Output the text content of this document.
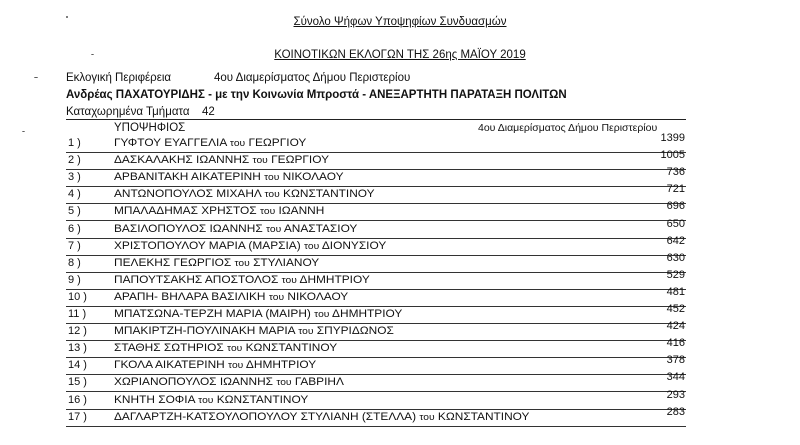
Σύνολο Ψήφων Υποψηφίων Συνδυασμών
ΚΟΙΝΟΤΙΚΩΝ ΕΚΛΟΓΩΝ ΤΗΣ 26ης ΜΑΪΟΥ 2019
Εκλογική Περιφέρεια	4ου Διαμερίσματος Δήμου Περιστερίου
Ανδρέας ΠΑΧΑΤΟΥΡΙΔΗΣ - με την Κοινωνία Μπροστά - ΑΝΕΞΑΡΤΗΤΗ ΠΑΡΑΤΑΞΗ ΠΟΛΙΤΩΝ
Καταχωρημένα Τμήματα 42
ΥΠΟΨΗΦΙΟΣ	4ου Διαμερίσματος Δήμου Περιστερίου
1 )	ΓΥΦΤΟΥ ΕΥΑΓΓΕΛΙΑ του ΓΕΩΡΓΙΟΥ	1399
2 )	ΔΑΣΚΑΛΑΚΗΣ ΙΩΑΝΝΗΣ του ΓΕΩΡΓΙΟΥ	1005
3 )	ΑΡΒΑΝΙΤΑΚΗ ΑΙΚΑΤΕΡΙΝΗ του ΝΙΚΟΛΑΟΥ	736
4 )	ΑΝΤΩΝΟΠΟΥΛΟΣ ΜΙΧΑΗΛ του ΚΩΝΣΤΑΝΤΙΝΟΥ	721
5 )	ΜΠΑΛΑΔΗΜΑΣ ΧΡΗΣΤΟΣ του ΙΩΑΝΝΗ	696
6 )	ΒΑΣΙΛΟΠΟΥΛΟΣ ΙΩΑΝΝΗΣ του ΑΝΑΣΤΑΣΙΟΥ	650
7 )	ΧΡΙΣΤΟΠΟΥΛΟΥ ΜΑΡΙΑ (ΜΑΡΣΙΑ) του ΔΙΟΝΥΣΙΟΥ	642
8 )	ΠΕΛΕΚΗΣ ΓΕΩΡΓΙΟΣ του ΣΤΥΛΙΑΝΟΥ	630
9 )	ΠΑΠΟΥΤΣΑΚΗΣ ΑΠΟΣΤΟΛΟΣ του ΔΗΜΗΤΡΙΟΥ	529
10 ) ΑΡΑΠΗ- ΒΗΛΑΡΑ ΒΑΣΙΛΙΚΗ του ΝΙΚΟΛΑΟΥ	481
11 )	ΜΠΑΤΣΩΝΑ-ΤΕΡΖΗ ΜΑΡΙΑ (ΜΑΙΡΗ) του ΔΗΜΗΤΡΙΟΥ	452
12 ) ΜΠΑΚΙΡΤΖΗ-ΠΟΥΛΙΝΑΚΗ ΜΑΡΙΑ του ΣΠΥΡΙΔΩΝΟΣ	424
13 ) ΣΤΑΘΗΣ ΣΩΤΗΡΙΟΣ του ΚΩΝΣΤΑΝΤΙΝΟΥ	416
14 ) ΓΚΟΛΑ ΑΙΚΑΤΕΡΙΝΗ του ΔΗΜΗΤΡΙΟΥ	378
15 ) ΧΩΡΙΑΝΟΠΟΥΛΟΣ ΙΩΑΝΝΗΣ του ΓΑΒΡΙΗΛ	344
16 ) ΚΝΗΤΗ ΣΟΦΙΑ του ΚΩΝΣΤΑΝΤΙΝΟΥ	293
17 ) ΔΑΓΛΑΡΤΖΗ-ΚΑΤΣΟΥΛΟΠΟΥΛΟΥ ΣΤΥΛΙΑΝΗ (ΣΤΕΛΛΑ) του ΚΩΝΣΤΑΝΤΙΝΟΥ	283
